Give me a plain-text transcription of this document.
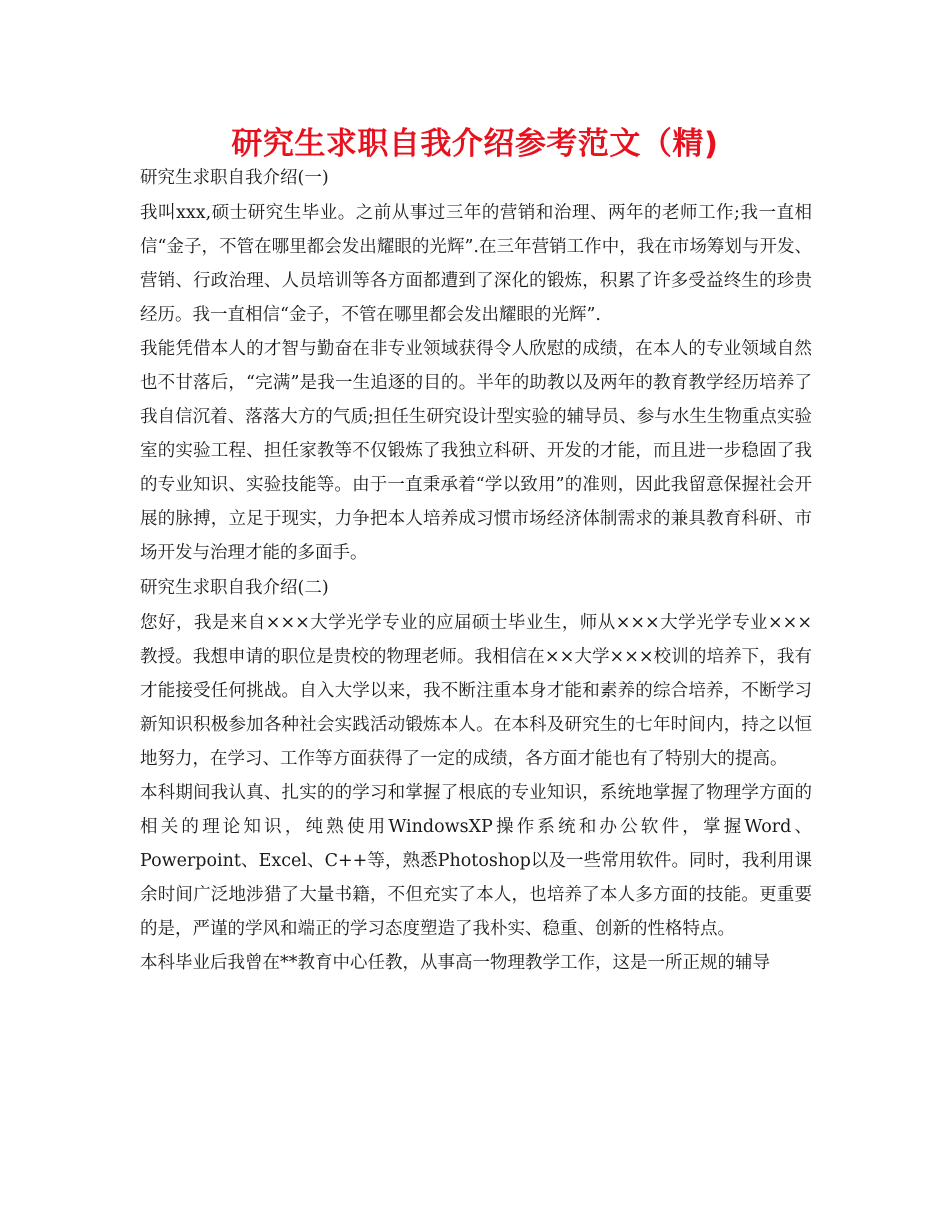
研究生求职自我介绍参考范文（精)

研究生求职自我介绍(一)

我叫xxx,硕士研究生毕业。之前从事过三年的营销和治理、两年的老师工作;我一直相信“金子，不管在哪里都会发出耀眼的光辉”.在三年营销工作中，我在市场筹划与开发、营销、行政治理、人员培训等各方面都遭到了深化的锻炼，积累了许多受益终生的珍贵经历。我一直相信“金子，不管在哪里都会发出耀眼的光辉”.

我能凭借本人的才智与勤奋在非专业领域获得令人欣慰的成绩，在本人的专业领域自然也不甘落后，“完满”是我一生追逐的目的。半年的助教以及两年的教育教学经历培养了我自信沉着、落落大方的气质;担任生研究设计型实验的辅导员、参与水生生物重点实验室的实验工程、担任家教等不仅锻炼了我独立科研、开发的才能，而且进一步稳固了我的专业知识、实验技能等。由于一直秉承着“学以致用”的准则，因此我留意保握社会开展的脉搏，立足于现实，力争把本人培养成习惯市场经济体制需求的兼具教育科研、市场开发与治理才能的多面手。

研究生求职自我介绍(二)

您好，我是来自×××大学光学专业的应届硕士毕业生，师从×××大学光学专业×××教授。我想申请的职位是贵校的物理老师。我相信在××大学×××校训的培养下，我有才能接受任何挑战。自入大学以来，我不断注重本身才能和素养的综合培养，不断学习新知识积极参加各种社会实践活动锻炼本人。在本科及研究生的七年时间内，持之以恒地努力，在学习、工作等方面获得了一定的成绩，各方面才能也有了特别大的提高。

本科期间我认真、扎实的的学习和掌握了根底的专业知识，系统地掌握了物理学方面的相关的理论知识，纯熟使用WindowsXP操作系统和办公软件，掌握Word、Powerpoint、Excel、C++等，熟悉Photoshop以及一些常用软件。同时，我利用课余时间广泛地涉猎了大量书籍，不但充实了本人，也培养了本人多方面的技能。更重要的是，严谨的学风和端正的学习态度塑造了我朴实、稳重、创新的性格特点。

本科毕业后我曾在**教育中心任教，从事高一物理教学工作，这是一所正规的辅导
